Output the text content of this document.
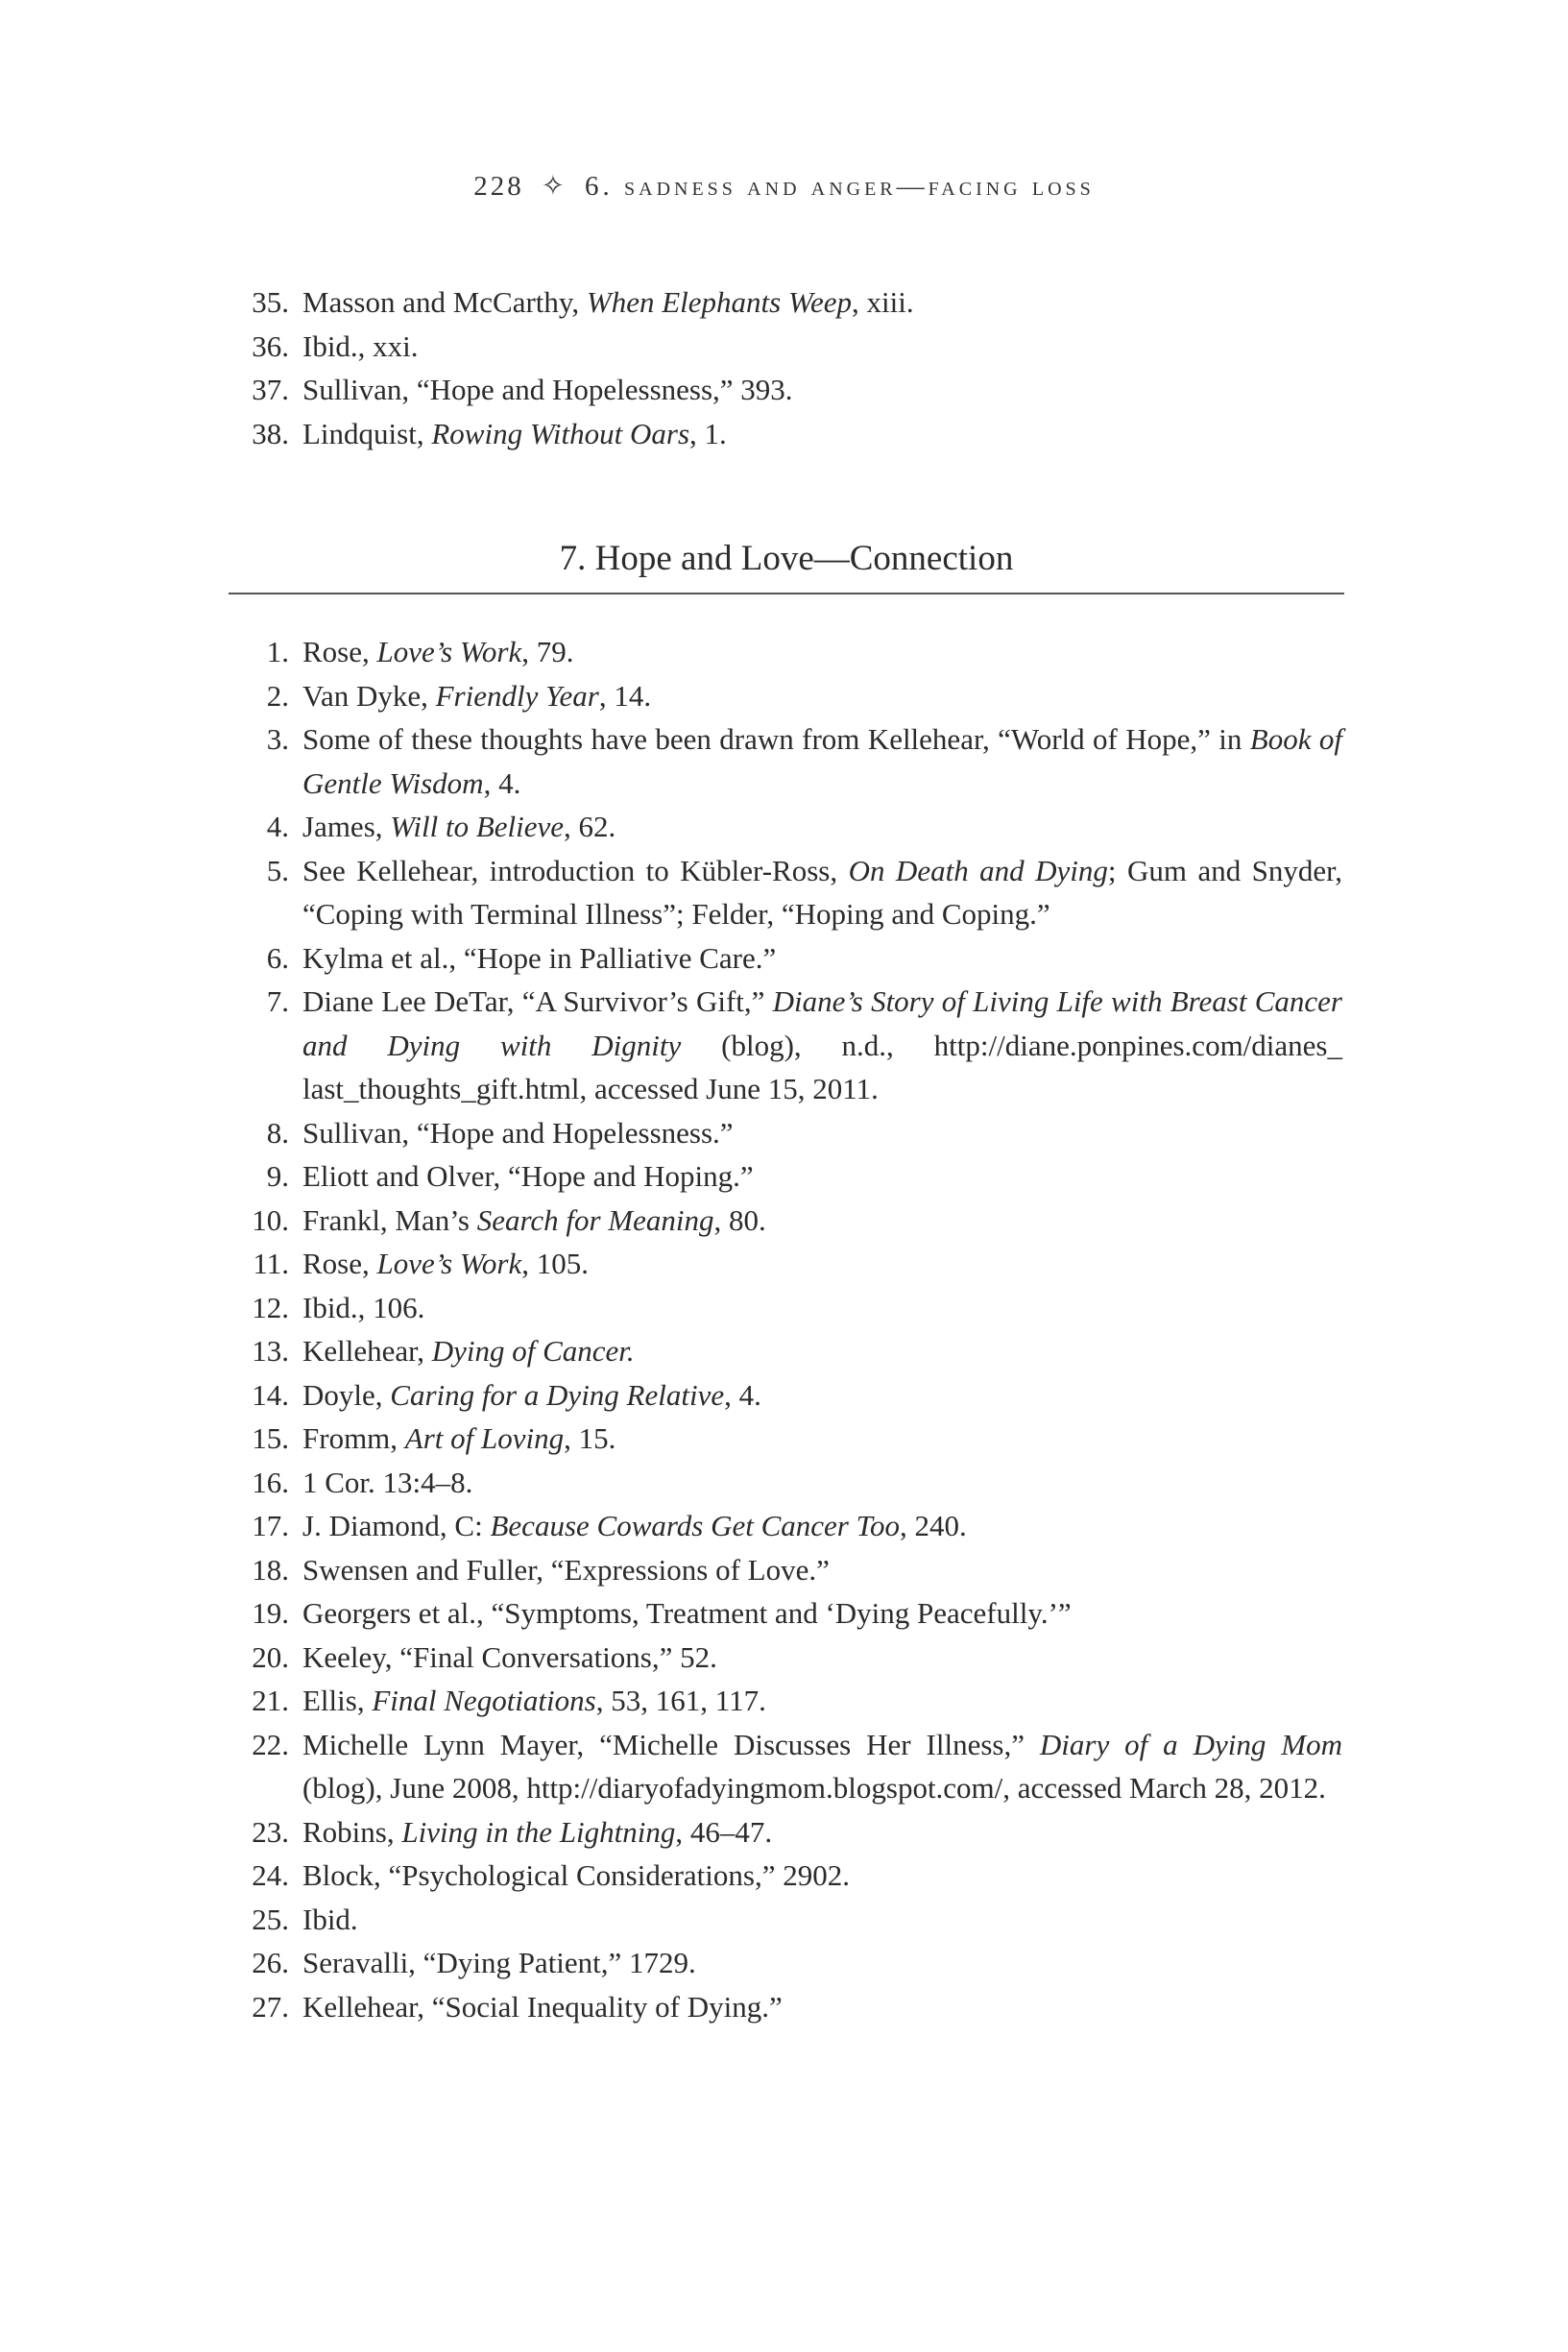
228 ✧ 6. sadness and anger—facing loss
35. Masson and McCarthy, When Elephants Weep, xiii.
36. Ibid., xxi.
37. Sullivan, “Hope and Hopelessness,” 393.
38. Lindquist, Rowing Without Oars, 1.
7. Hope and Love—Connection
1. Rose, Love’s Work, 79.
2. Van Dyke, Friendly Year, 14.
3. Some of these thoughts have been drawn from Kellehear, “World of Hope,” in Book of Gentle Wisdom, 4.
4. James, Will to Believe, 62.
5. See Kellehear, introduction to Kübler-Ross, On Death and Dying; Gum and Snyder, “Coping with Terminal Illness”; Felder, “Hoping and Coping.”
6. Kylma et al., “Hope in Palliative Care.”
7. Diane Lee DeTar, “A Survivor’s Gift,” Diane’s Story of Living Life with Breast Cancer and Dying with Dignity (blog), n.d., http://diane.ponpines.com/dianes_ last_thoughts_gift.html, accessed June 15, 2011.
8. Sullivan, “Hope and Hopelessness.”
9. Eliott and Olver, “Hope and Hoping.”
10. Frankl, Man’s Search for Meaning, 80.
11. Rose, Love’s Work, 105.
12. Ibid., 106.
13. Kellehear, Dying of Cancer.
14. Doyle, Caring for a Dying Relative, 4.
15. Fromm, Art of Loving, 15.
16. 1 Cor. 13:4–8.
17. J. Diamond, C: Because Cowards Get Cancer Too, 240.
18. Swensen and Fuller, “Expressions of Love.”
19. Georgers et al., “Symptoms, Treatment and ‘Dying Peacefully.’”
20. Keeley, “Final Conversations,” 52.
21. Ellis, Final Negotiations, 53, 161, 117.
22. Michelle Lynn Mayer, “Michelle Discusses Her Illness,” Diary of a Dying Mom (blog), June 2008, http://diaryofadyingmom.blogspot.com/, accessed March 28, 2012.
23. Robins, Living in the Lightning, 46–47.
24. Block, “Psychological Considerations,” 2902.
25. Ibid.
26. Seravalli, “Dying Patient,” 1729.
27. Kellehear, “Social Inequality of Dying.”
